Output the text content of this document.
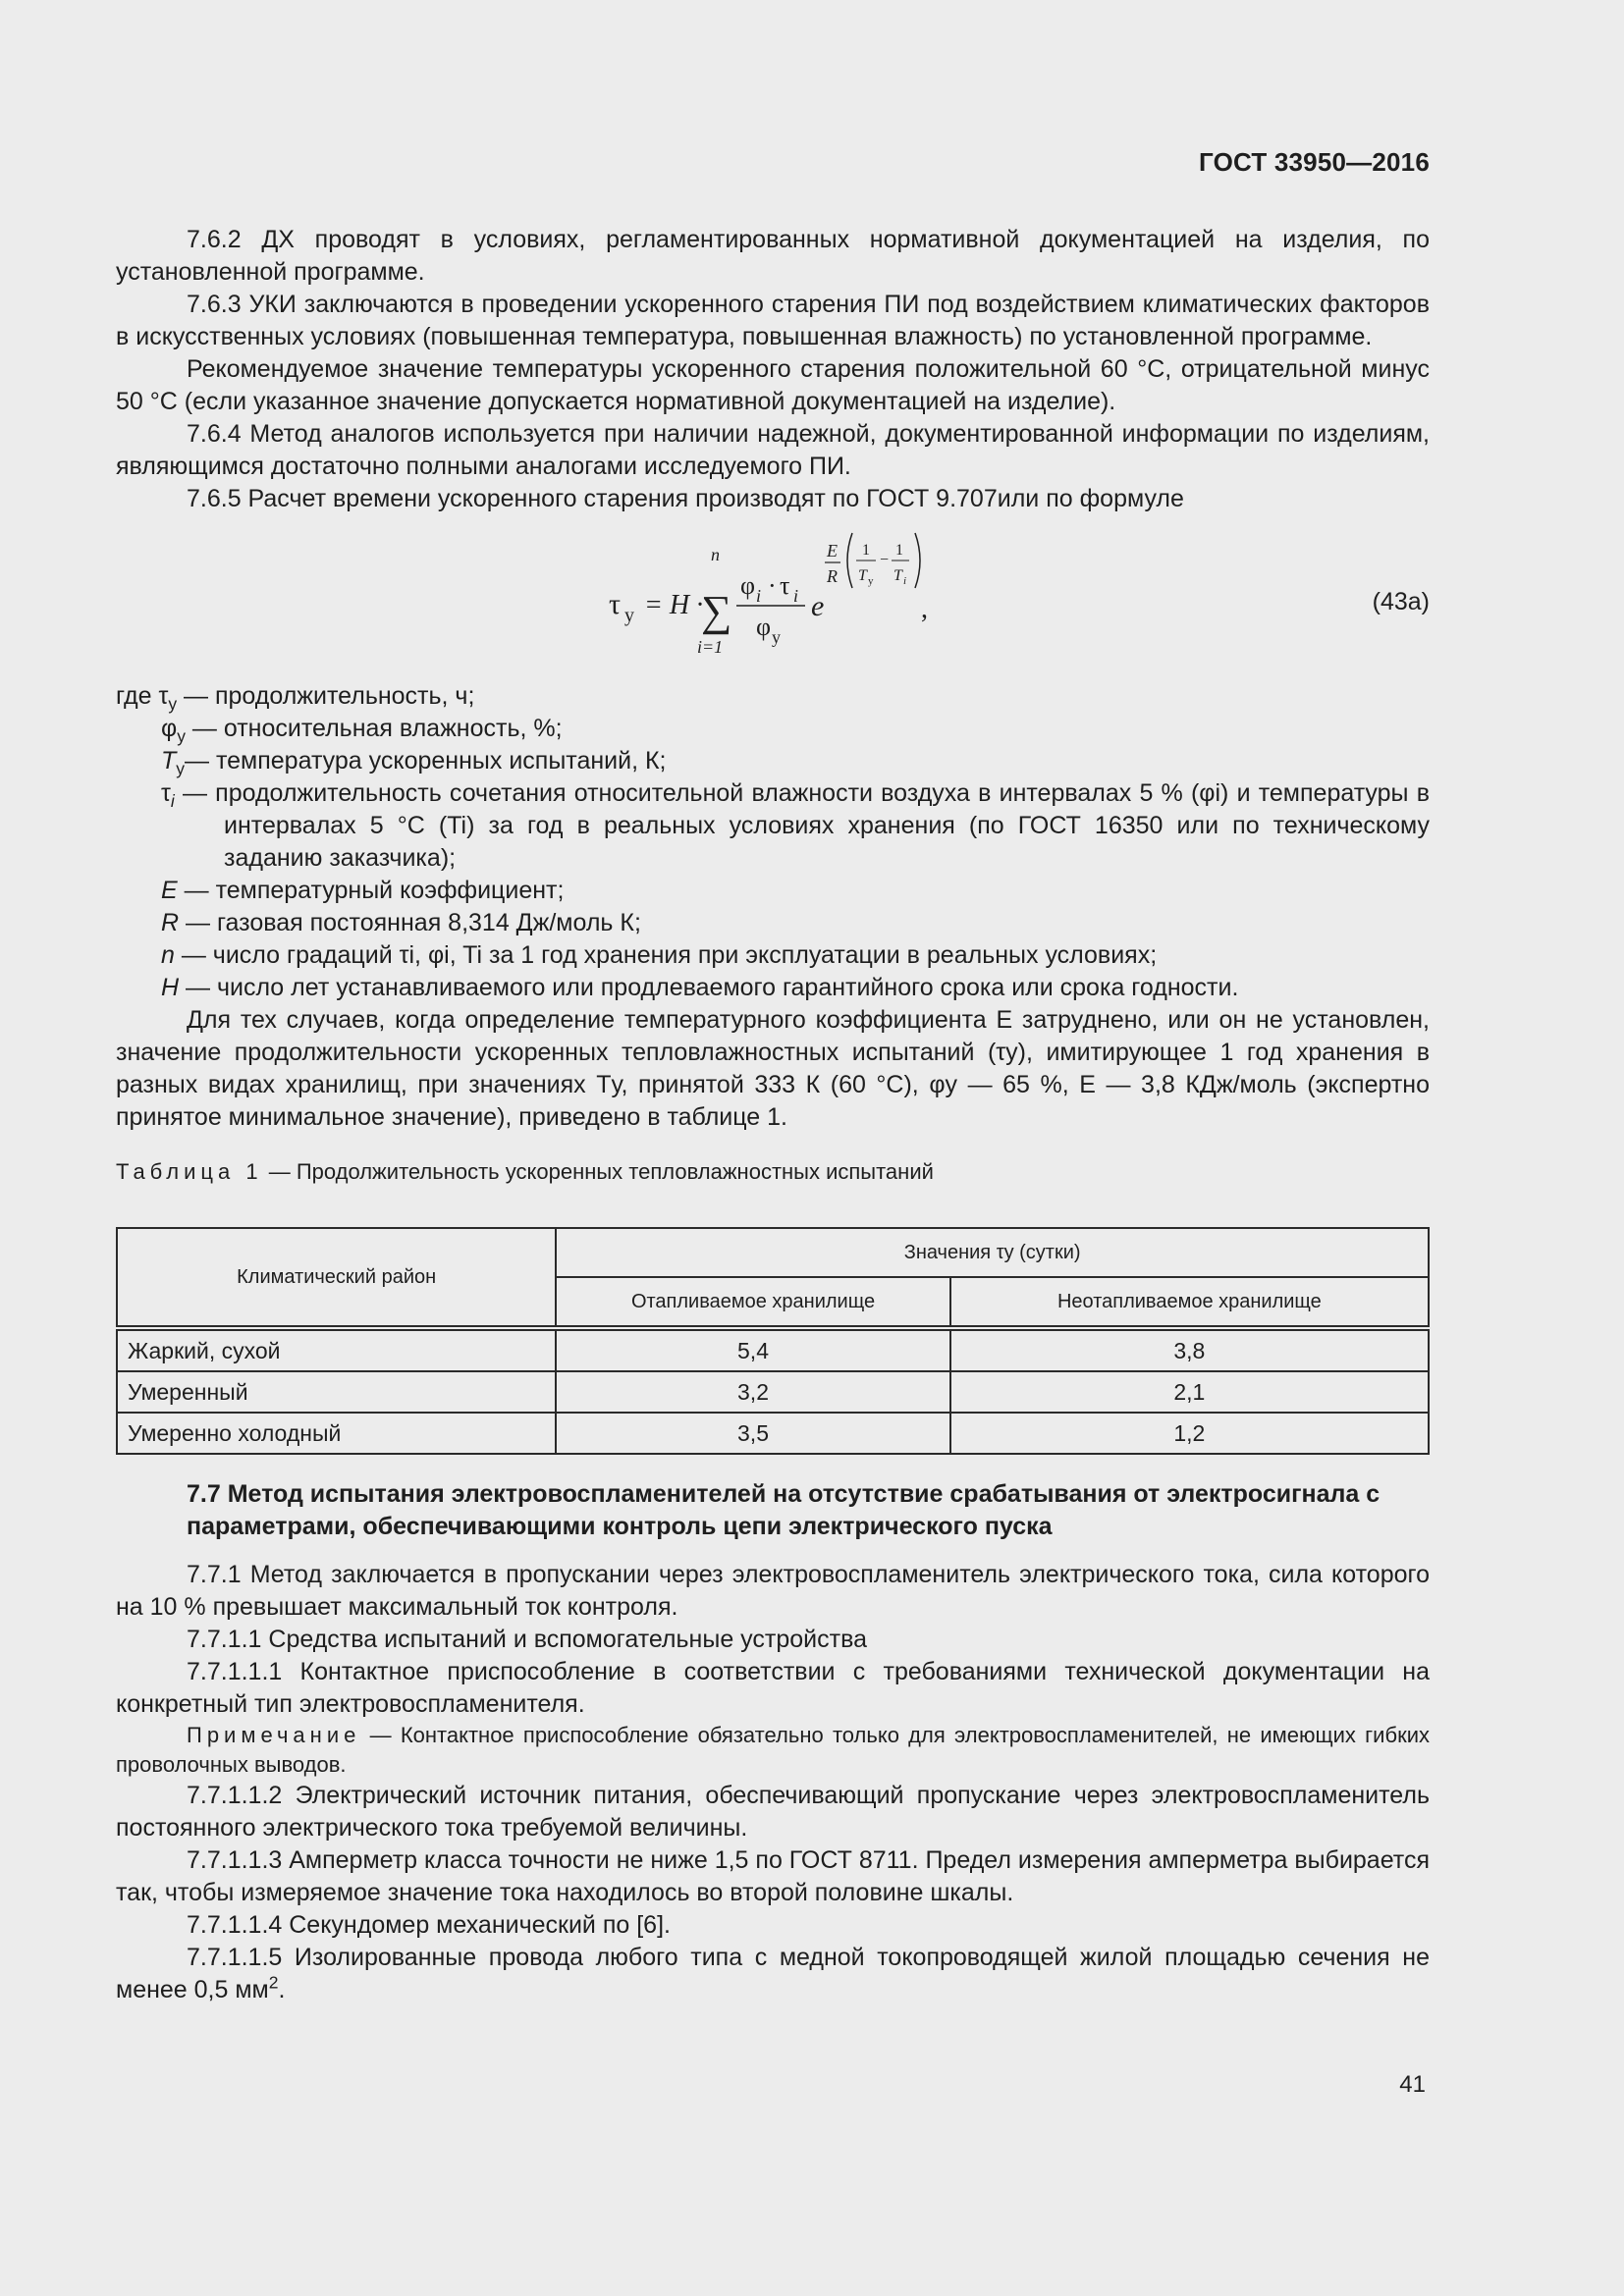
ГОСТ 33950—2016

7.6.2 ДХ проводят в условиях, регламентированных нормативной документацией на изделия, по установленной программе.

7.6.3 УКИ заключаются в проведении ускоренного старения ПИ под воздействием климатических факторов в искусственных условиях (повышенная температура, повышенная влажность) по установленной программе.

Рекомендуемое значение температуры ускоренного старения положительной 60 °С, отрицательной минус 50 °С (если указанное значение допускается нормативной документацией на изделие).

7.6.4 Метод аналогов используется при наличии надежной, документированной информации по изделиям, являющимся достаточно полными аналогами исследуемого ПИ.

7.6.5 Расчет времени ускоренного старения производят по ГОСТ 9.707или по формуле

τ у = H ·
n
∑
i=1
φ i · τ i
φ у
e
E
R
1
T у
−
1
T i
,	(43а)

где $\tau_у$ — продолжительность, ч;

$\varphi_у$ — относительная влажность, %;

$T_у—$ температура ускоренных испытаний, К;

$\tau_i$ — продолжительность сочетания относительной влажности воздуха в интервалах 5 % (φi) и температуры в интервалах 5 °С (Ti) за год в реальных условиях хранения (по ГОСТ 16350 или по техническому заданию заказчика);

E — температурный коэффициент;

R — газовая постоянная 8,314 Дж/моль К;

n — число градаций τi, φi, Ti за 1 год хранения при эксплуатации в реальных условиях;

H — число лет устанавливаемого или продлеваемого гарантийного срока или срока годности.

Для тех случаев, когда определение температурного коэффициента E затруднено, или он не установлен, значение продолжительности ускоренных тепловлажностных испытаний (τу), имитирующее 1 год хранения в разных видах хранилищ, при значениях Tу, принятой 333 К (60 °С), φу — 65 %, E — 3,8 КДж/моль (экспертно принятое минимальное значение), приведено в таблице 1.

Таблица 1 — Продолжительность ускоренных тепловлажностных испытаний
Климатический район	Значения τу (сутки)	
	Отапливаемое хранилище	Неотапливаемое хранилище
Жаркий, сухой	5,4	3,8
Умеренный	3,2	2,1
Умеренно холодный	3,5	1,2
7.7 Метод испытания электровоспламенителей на отсутствие срабатывания от электросигнала с параметрами, обеспечивающими контроль цепи электрического пуска

7.7.1 Метод заключается в пропускании через электровоспламенитель электрического тока, сила которого на 10 % превышает максимальный ток контроля.

7.7.1.1 Средства испытаний и вспомогательные устройства

7.7.1.1.1 Контактное приспособление в соответствии с требованиями технической документации на конкретный тип электровоспламенителя.

Примечание — Контактное приспособление обязательно только для электровоспламенителей, не имеющих гибких проволочных выводов.

7.7.1.1.2 Электрический источник питания, обеспечивающий пропускание через электровоспламенитель постоянного электрического тока требуемой величины.

7.7.1.1.3 Амперметр класса точности не ниже 1,5 по ГОСТ 8711. Предел измерения амперметра выбирается так, чтобы измеряемое значение тока находилось во второй половине шкалы.

7.7.1.1.4 Секундомер механический по [6].

7.7.1.1.5 Изолированные провода любого типа с медной токопроводящей жилой площадью сечения не менее 0,5 $мм^2$.

41
